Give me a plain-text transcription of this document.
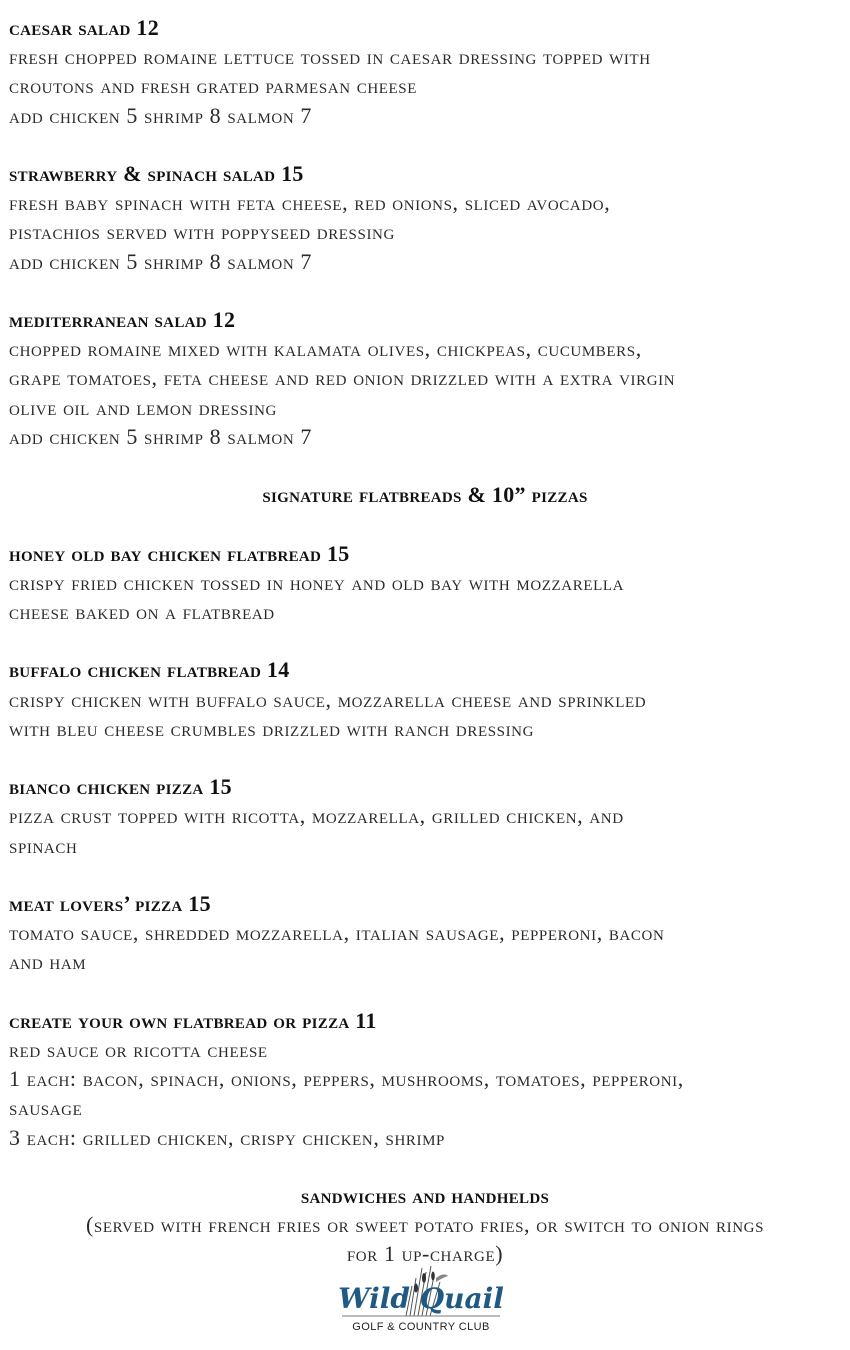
caesar salad 12
fresh chopped romaine lettuce tossed in caesar dressing topped with
croutons and fresh grated parmesan cheese
add chicken 5 shrimp 8 salmon 7
strawberry & spinach salad 15
fresh baby spinach with feta cheese, red onions, sliced avocado,
pistachios served with poppyseed dressing
add chicken 5 shrimp 8 salmon 7
mediterranean salad 12
chopped romaine mixed with kalamata olives, chickpeas, cucumbers,
grape tomatoes, feta cheese and red onion drizzled with a extra virgin
olive oil and lemon dressing
add chicken 5 shrimp 8 salmon 7
signature flatbreads & 10” pizzas
honey old bay chicken flatbread 15
crispy fried chicken tossed in honey and old bay with mozzarella
cheese baked on a flatbread
buffalo chicken flatbread 14
crispy chicken with buffalo sauce, mozzarella cheese and sprinkled
with bleu cheese crumbles drizzled with ranch dressing
bianco chicken pizza 15
pizza crust topped with ricotta, mozzarella, grilled chicken, and
spinach
meat lovers’ pizza 15
tomato sauce, shredded mozzarella, italian sausage, pepperoni, bacon
and ham
create your own flatbread or pizza 11
red sauce or ricotta cheese
1 each: bacon, spinach, onions, peppers, mushrooms, tomatoes, pepperoni,
sausage
3 each: grilled chicken, crispy chicken, shrimp
sandwiches and handhelds
(served with french fries or sweet potato fries, or switch to onion rings
for 1 up-charge)
Wild Quail
GOLF & COUNTRY CLUB
